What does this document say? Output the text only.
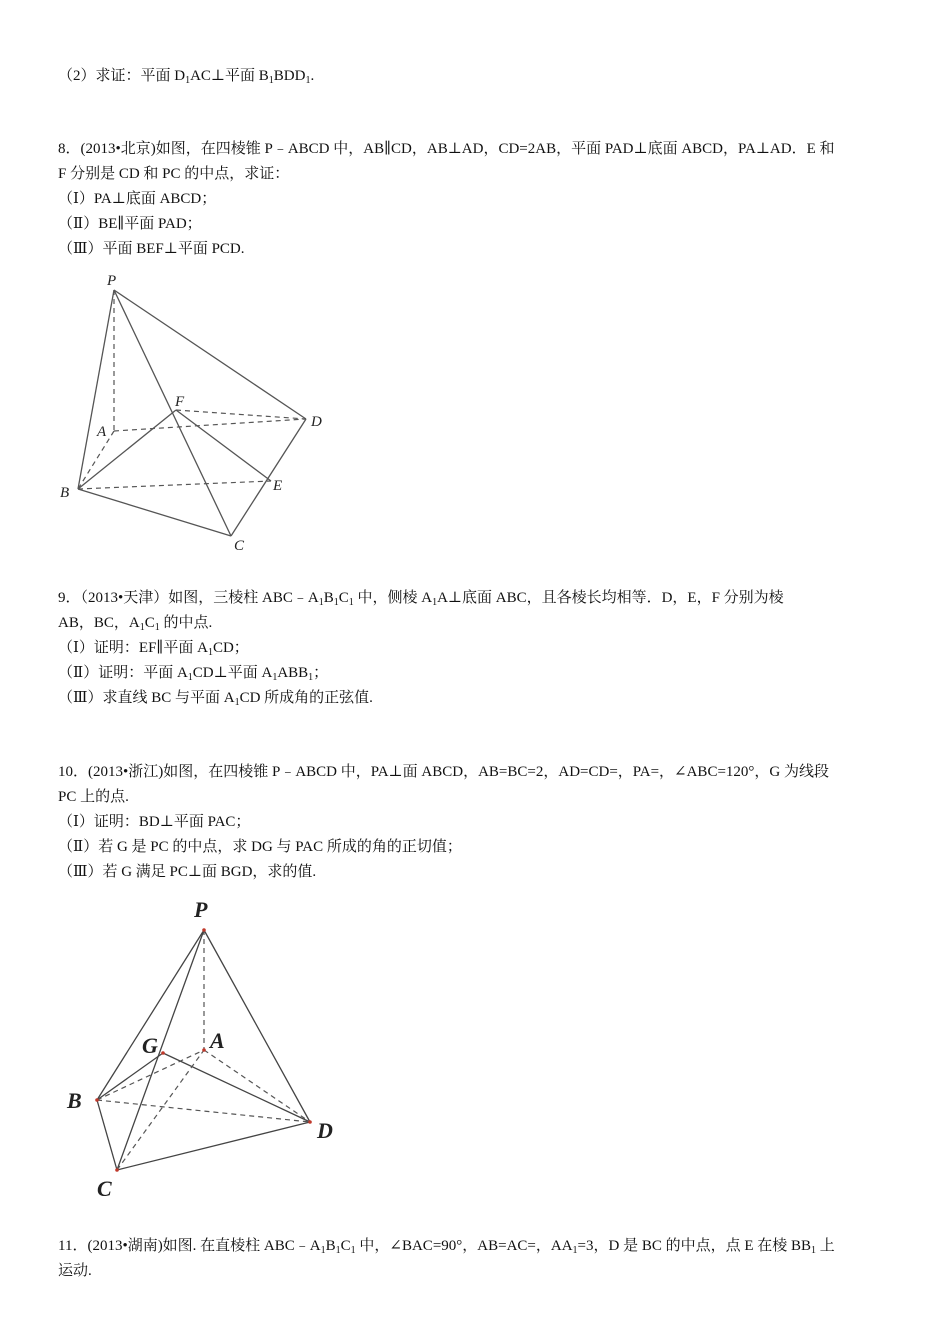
（2）求证：平面 $D_1AC\perp$平面 $B_1BDD_1$.
8．(2013•北京)如图，在四棱锥 P﹣ABCD 中，AB∥CD，AB⊥AD，CD=2AB，平面 PAD⊥底面 ABCD，PA⊥AD．E 和
F 分别是 CD 和 PC 的中点，求证：
（Ⅰ）PA⊥底面 ABCD；
（Ⅱ）BE∥平面 PAD；
（Ⅲ）平面 BEF⊥平面 PCD.
P
A
B
C
D
E
F
9．（2013•天津）如图，三棱柱 $ABC﹣A_1B_1C_1$ 中，侧棱 $A_1A\perp$底面 ABC，且各棱长均相等．D，E，F 分别为棱
AB，BC，$A_1C_1$ 的中点.
（Ⅰ）证明：EF∥平面 $A_1CD$；
（Ⅱ）证明：平面 $A_1CD\perp$平面 $A_1ABB_1$；
（Ⅲ）求直线 BC 与平面 $A_1CD$ 所成角的正弦值.
10．(2013•浙江)如图，在四棱锥 P﹣ABCD 中，PA⊥面 ABCD，AB=BC=2，AD=CD=，PA=，∠ABC=120°，G 为线段
PC 上的点.
（Ⅰ）证明：BD⊥平面 PAC；
（Ⅱ）若 G 是 PC 的中点，求 DG 与 PAC 所成的角的正切值；
（Ⅲ）若 G 满足 PC⊥面 BGD，求的值.
P
A
G
B
C
D
11．(2013•湖南)如图. 在直棱柱 $ABC﹣A_1B_1C_1$ 中，∠BAC=90°，AB=AC=，$AA_1=3$，D 是 BC 的中点，点 E 在棱 $BB_1$ 上
运动.
